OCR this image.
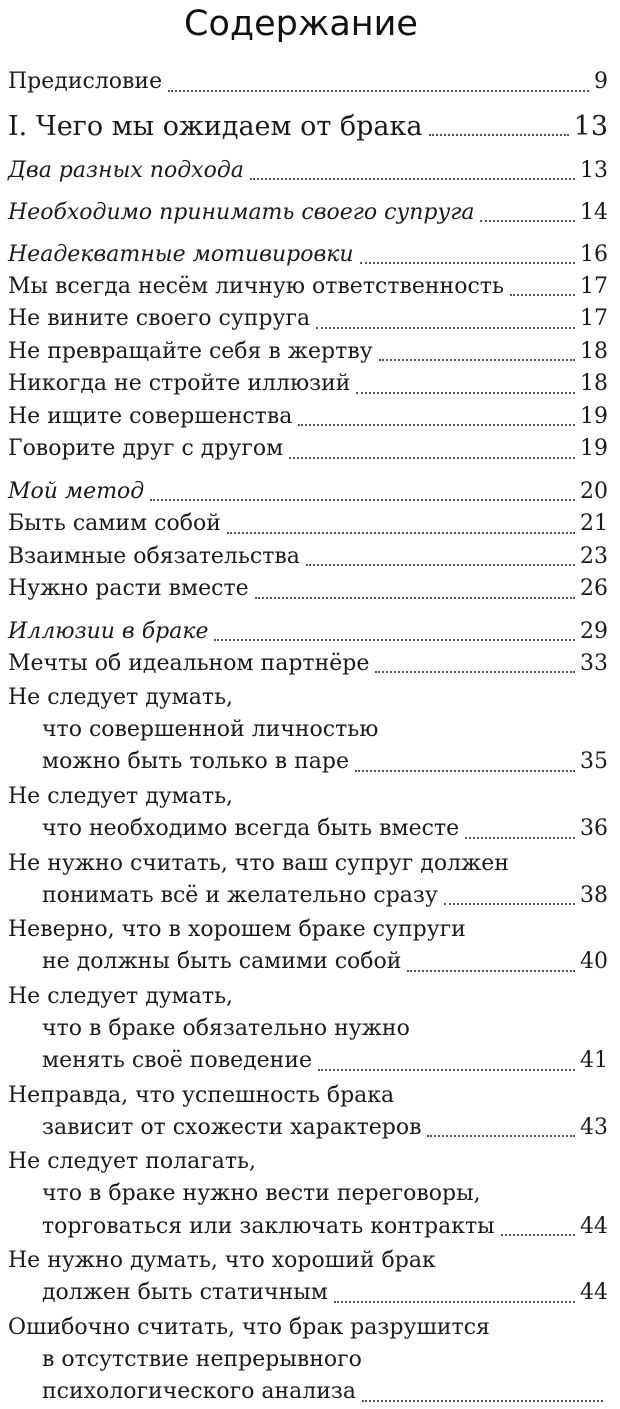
Содержание
Предисловие	9
I. Чего мы ожидаем от брака	13
Два разных подхода	13
Необходимо принимать своего супруга	14
Неадекватные мотивировки	16
Мы всегда несём личную ответственность	17
Не вините своего супруга	17
Не превращайте себя в жертву	18
Никогда не стройте иллюзий	18
Не ищите совершенства	19
Говорите друг с другом	19
Мой метод	20
Быть самим собой	21
Взаимные обязательства	23
Нужно расти вместе	26
Иллюзии в браке	29
Мечты об идеальном партнёре	33
Не следует думать,
что совершенной личностью
можно быть только в паре	35
Не следует думать,
что необходимо всегда быть вместе	36
Не нужно считать, что ваш супруг должен
понимать всё и желательно сразу	38
Неверно, что в хорошем браке супруги
не должны быть самими собой	40
Не следует думать,
что в браке обязательно нужно
менять своё поведение	41
Неправда, что успешность брака
зависит от схожести характеров	43
Не следует полагать,
что в браке нужно вести переговоры,
торговаться или заключать контракты	44
Не нужно думать, что хороший брак
должен быть статичным	44
Ошибочно считать, что брак разрушится
в отсутствие непрерывного
психологического анализа
